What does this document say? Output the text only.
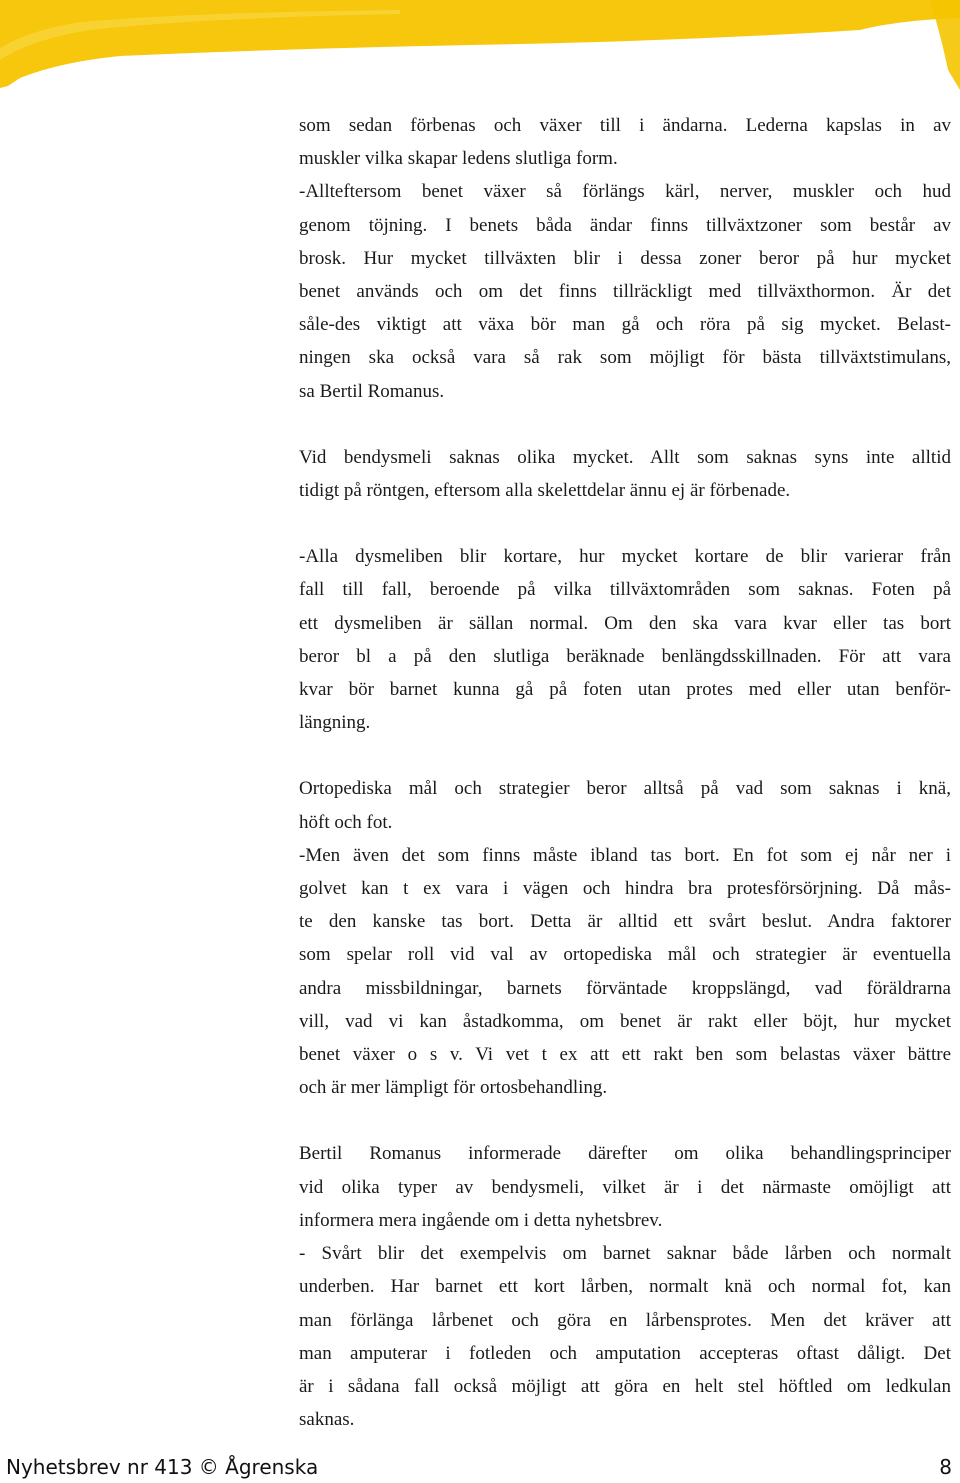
som sedan förbenas och växer till i ändarna. Lederna kapslas in av
muskler vilka skapar ledens slutliga form.
-Allteftersom benet växer så förlängs kärl, nerver, muskler och hud
genom töjning. I benets båda ändar finns tillväxtzoner som består av
brosk. Hur mycket tillväxten blir i dessa zoner beror på hur mycket
benet används och om det finns tillräckligt med tillväxthormon. Är det
såle-des viktigt att växa bör man gå och röra på sig mycket. Belast-
ningen ska också vara så rak som möjligt för bästa tillväxtstimulans,
sa Bertil Romanus.

Vid bendysmeli saknas olika mycket. Allt som saknas syns inte alltid
tidigt på röntgen, eftersom alla skelettdelar ännu ej är förbenade.

-Alla dysmeliben blir kortare, hur mycket kortare de blir varierar från
fall till fall, beroende på vilka tillväxtområden som saknas. Foten på
ett dysmeliben är sällan normal. Om den ska vara kvar eller tas bort
beror bl a på den slutliga beräknade benlängdsskillnaden. För att vara
kvar bör barnet kunna gå på foten utan protes med eller utan benför-
längning.

Ortopediska mål och strategier beror alltså på vad som saknas i knä,
höft och fot.
-Men även det som finns måste ibland tas bort. En fot som ej når ner i
golvet kan t ex vara i vägen och hindra bra protesförsörjning. Då mås-
te den kanske tas bort. Detta är alltid ett svårt beslut. Andra faktorer
som spelar roll vid val av ortopediska mål och strategier är eventuella
andra missbildningar, barnets förväntade kroppslängd, vad föräldrarna
vill, vad vi kan åstadkomma, om benet är rakt eller böjt, hur mycket
benet växer o s v. Vi vet t ex att ett rakt ben som belastas växer bättre
och är mer lämpligt för ortosbehandling.

Bertil Romanus informerade därefter om olika behandlingsprinciper
vid olika typer av bendysmeli, vilket är i det närmaste omöjligt att
informera mera ingående om i detta nyhetsbrev.
- Svårt blir det exempelvis om barnet saknar både lårben och normalt
underben. Har barnet ett kort lårben, normalt knä och normal fot, kan
man förlänga lårbenet och göra en lårbensprotes. Men det kräver att
man amputerar i fotleden och amputation accepteras oftast dåligt. Det
är i sådana fall också möjligt att göra en helt stel höftled om ledkulan
saknas.

Nyhetsbrev nr 413 © Ågrenska	8
